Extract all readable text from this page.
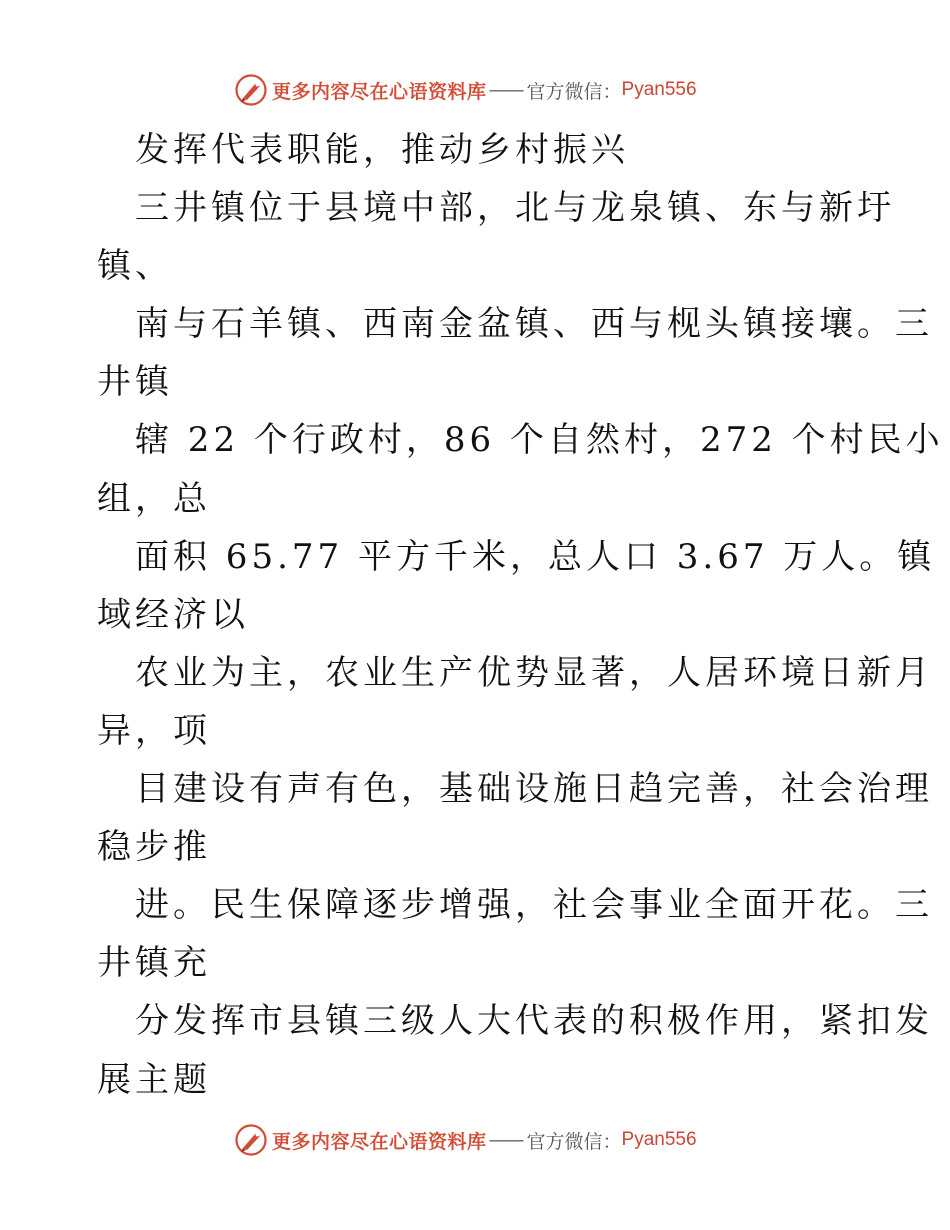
更多内容尽在心语资料库 —— 官方微信： Pyan556
发挥代表职能，推动乡村振兴
三井镇位于县境中部，北与龙泉镇、东与新圩
镇、
南与石羊镇、西南金盆镇、西与枧头镇接壤。三
井镇
辖 22 个行政村，86 个自然村，272 个村民小
组，总
面积 65.77 平方千米，总人口 3.67 万人。镇
域经济以
农业为主，农业生产优势显著，人居环境日新月
异，项
目建设有声有色，基础设施日趋完善，社会治理
稳步推
进。民生保障逐步增强，社会事业全面开花。三
井镇充
分发挥市县镇三级人大代表的积极作用，紧扣发
展主题
更多内容尽在心语资料库 —— 官方微信： Pyan556
